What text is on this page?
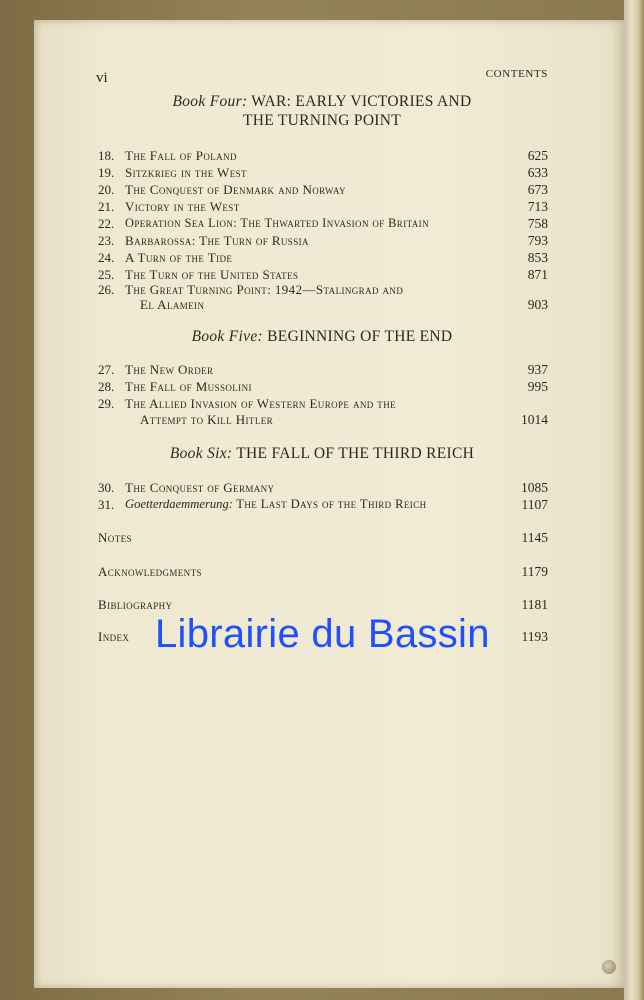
vi	CONTENTS
Book Four: WAR: EARLY VICTORIES AND
THE TURNING POINT
18. The Fall of Poland	625
19. Sitzkrieg in the West	633
20. The Conquest of Denmark and Norway	673
21. Victory in the West	713
22. Operation Sea Lion: The Thwarted Invasion of Britain	758
23. Barbarossa: The Turn of Russia	793
24. A Turn of the Tide	853
25. The Turn of the United States	871
26. The Great Turning Point: 1942—Stalingrad and
El Alamein	903
Book Five: BEGINNING OF THE END
27. The New Order	937
28. The Fall of Mussolini	995
29. The Allied Invasion of Western Europe and the
Attempt to Kill Hitler	1014
Book Six: THE FALL OF THE THIRD REICH
30. The Conquest of Germany	1085
31. Goetterdaemmerung: The Last Days of the Third Reich	1107
Notes	1145
Acknowledgments	1179
Bibliography	1181
Index	1193
Librairie du Bassin
